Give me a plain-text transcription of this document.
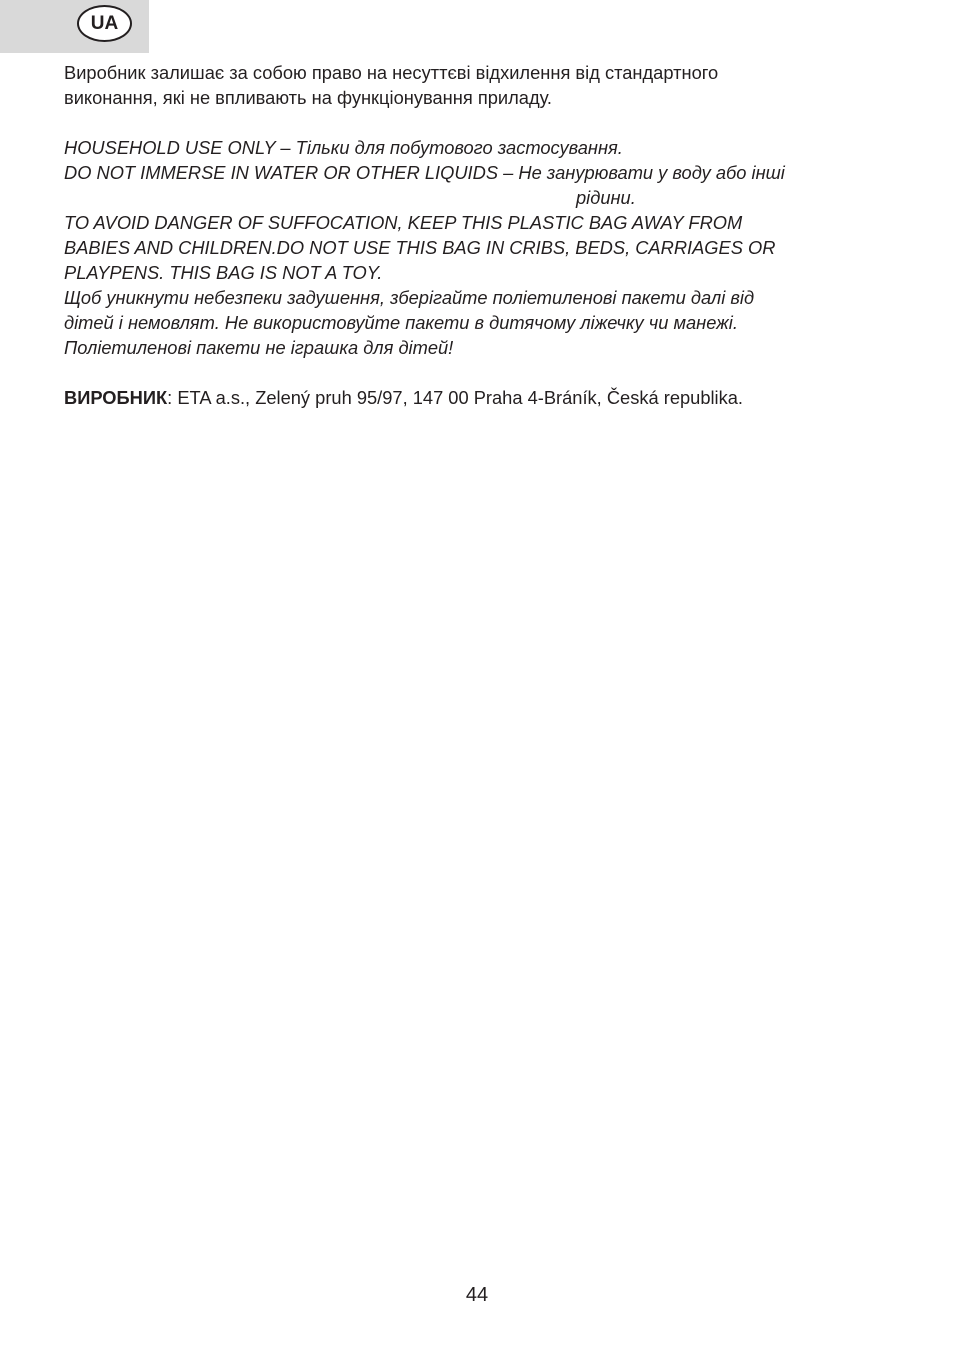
UA

Виробник залишає за собою право на несуттєві відхилення від стандартного
виконання, які не впливають на функціонування приладу.

HOUSEHOLD USE ONLY – Тільки для побутового застосування.
DO NOT IMMERSE IN WATER OR OTHER LIQUIDS – Не занурювати у воду або інші

рідини.
TO AVOID DANGER OF SUFFOCATION, KEEP THIS PLASTIC BAG AWAY FROM
BABIES AND CHILDREN.DO NOT USE THIS BAG IN CRIBS, BEDS, CARRIAGES OR
PLAYPENS. THIS BAG IS NOT A TOY.
Щоб уникнути небезпеки задушення, зберігайте поліетиленові пакети далі від
дітей і немовлят. Не використовуйте пакети в дитячому ліжечку чи манежі.
Поліетиленові пакети не іграшка для дітей!

ВИРОБНИК: ETA a.s., Zelený pruh 95/97, 147 00 Praha 4-Bráník, Česká republika.

44
